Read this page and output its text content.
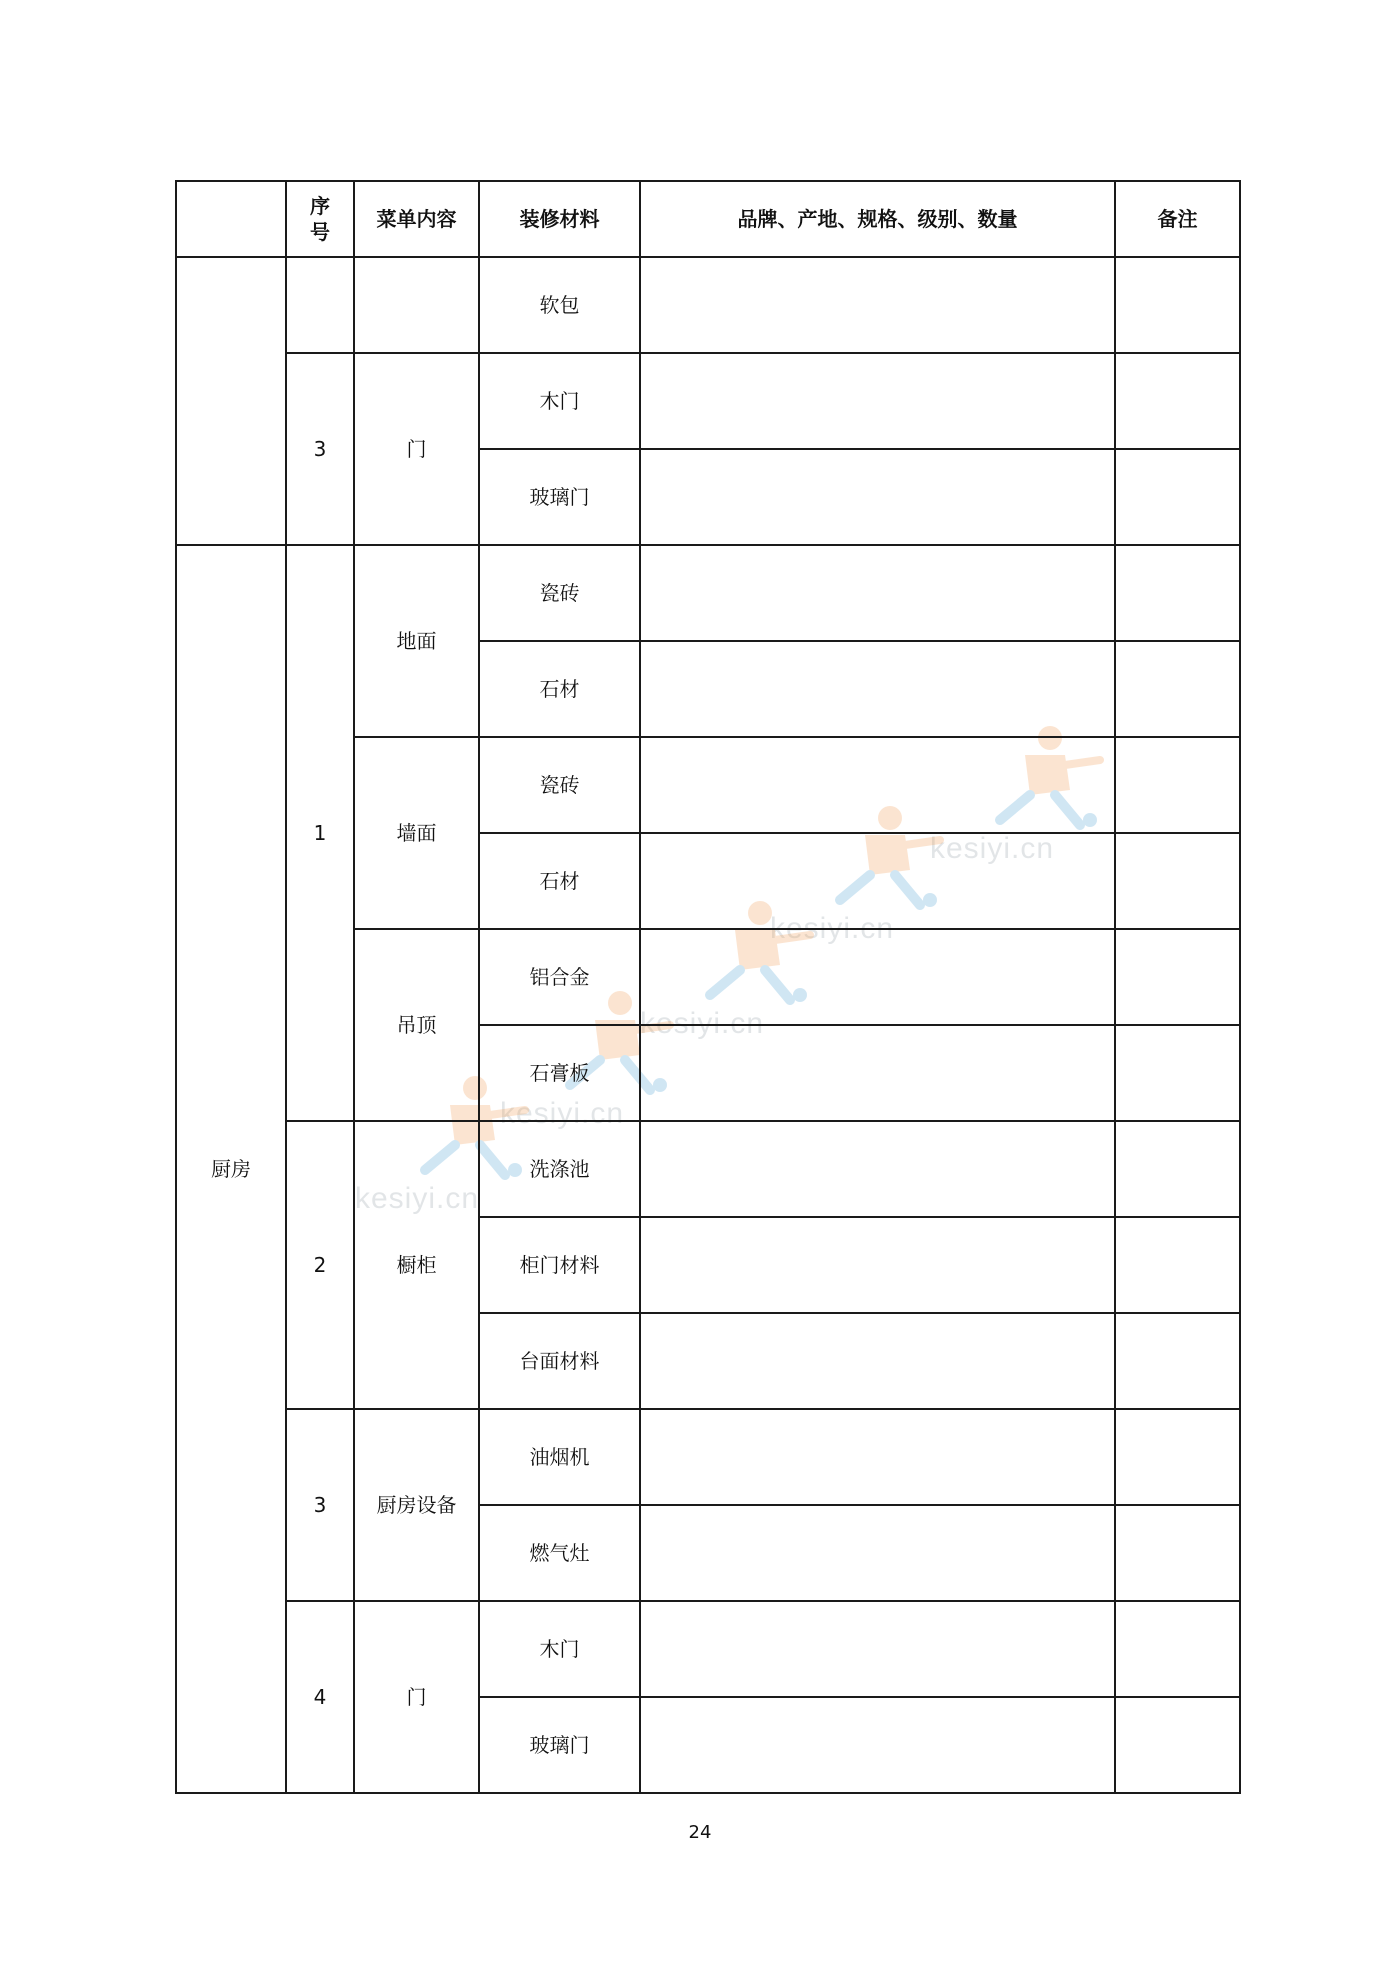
kesiyi.cn
kesiyi.cn
kesiyi.cn
kesiyi.cn
kesiyi.cn
	序号	菜单内容	装修材料	品牌、产地、规格、级别、数量	备注
			软包		
	3	门	木门		
			玻璃门		
厨房	1	地面	瓷砖		
			石材		
		墙面	瓷砖		
			石材		
		吊顶	铝合金		
			石膏板		
	2	橱柜	洗涤池		
			柜门材料		
			台面材料		
	3	厨房设备	油烟机		
			燃气灶		
	4	门	木门		
			玻璃门		
24
